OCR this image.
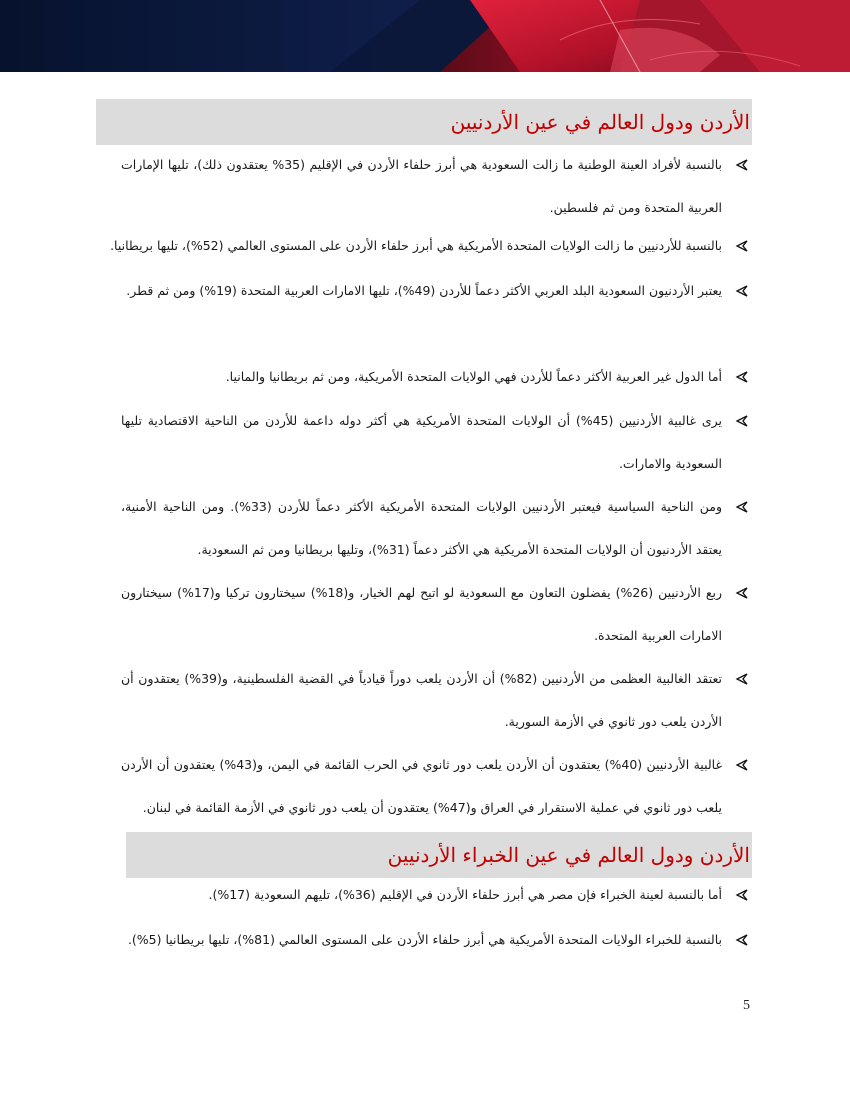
الأردن ودول العالم في عين الأردنيين
بالنسبة لأفراد العينة الوطنية ما زالت السعودية هي أبرز حلفاء الأردن في الإقليم (35% يعتقدون ذلك)، تليها الإمارات العربية المتحدة ومن ثم فلسطين.
بالنسبة للأردنيين ما زالت الولايات المتحدة الأمريكية هي أبرز حلفاء الأردن على المستوى العالمي (52%)، تليها بريطانيا.
يعتبر الأردنيون السعودية البلد العربي الأكثر دعماً للأردن (49%)، تليها الامارات العربية المتحدة (19%) ومن ثم قطر.
أما الدول غير العربية الأكثر دعماً للأردن فهي الولايات المتحدة الأمريكية، ومن ثم بريطانيا والمانيا.
يرى غالبية الأردنيين (45%) أن الولايات المتحدة الأمريكية هي أكثر دوله داعمة للأردن من الناحية الاقتصادية تليها السعودية والامارات.
ومن الناحية السياسية فيعتبر الأردنيين الولايات المتحدة الأمريكية الأكثر دعماً للأردن (33%). ومن الناحية الأمنية، يعتقد الأردنيون أن الولايات المتحدة الأمريكية هي الأكثر دعماً (31%)، وتليها بريطانيا ومن ثم السعودية.
ربع الأردنيين (26%) يفضلون التعاون مع السعودية لو اتيح لهم الخيار، و(18%) سيختارون تركيا و(17%) سيختارون الامارات العربية المتحدة.
تعتقد الغالبية العظمى من الأردنيين (82%) أن الأردن يلعب دوراً قيادياً في القضية الفلسطينية، و(39%) يعتقدون أن الأردن يلعب دور ثانوي في الأزمة السورية.
غالبية الأردنيين (40%) يعتقدون أن الأردن يلعب دور ثانوي في الحرب القائمة في اليمن، و(43%) يعتقدون أن الأردن يلعب دور ثانوي في عملية الاستقرار في العراق و(47%) يعتقدون أن يلعب دور ثانوي في الأزمة القائمة في لبنان.
الأردن ودول العالم في عين الخبراء الأردنيين
أما بالنسبة لعينة الخبراء فإن مصر هي أبرز حلفاء الأردن في الإقليم (36%)، تليهم السعودية (17%).
بالنسبة للخبراء الولايات المتحدة الأمريكية هي أبرز حلفاء الأردن على المستوى العالمي (81%)، تليها بريطانيا (5%).
5
